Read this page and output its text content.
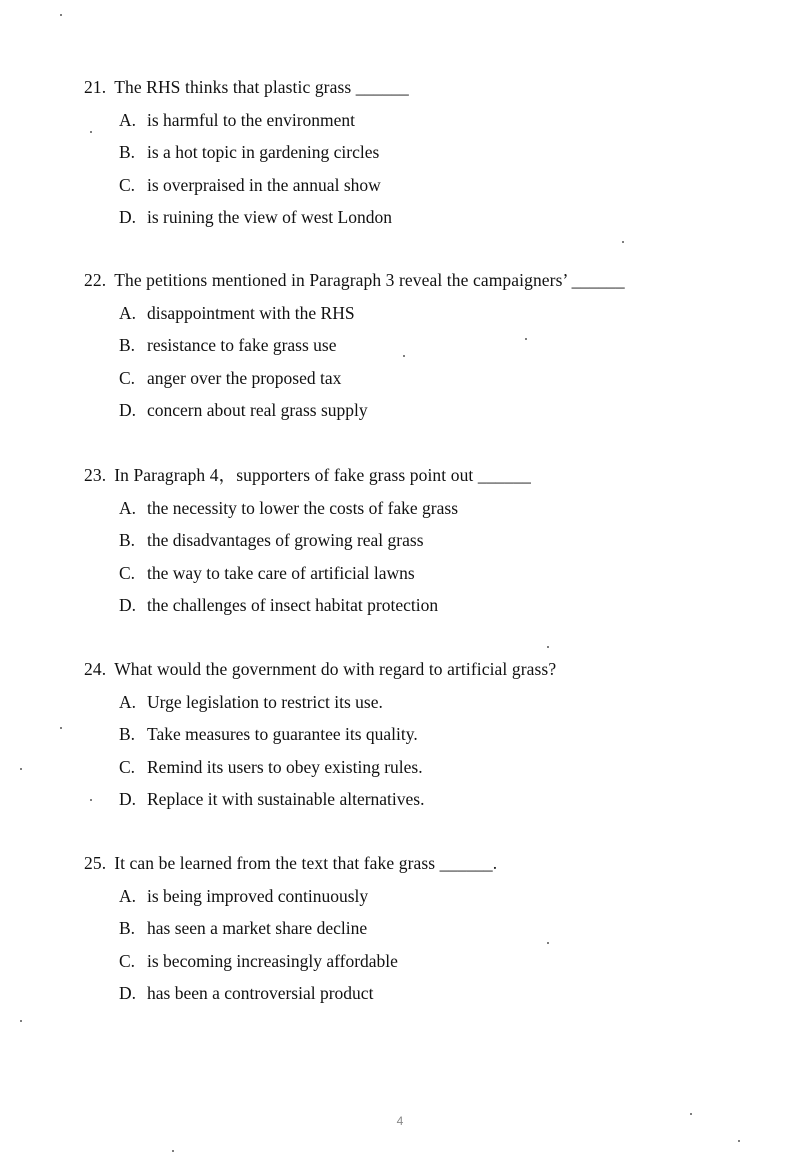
21. The RHS thinks that plastic grass ______
A. is harmful to the environment
B. is a hot topic in gardening circles
C. is overpraised in the annual show
D. is ruining the view of west London
22. The petitions mentioned in Paragraph 3 reveal the campaigners’ ______
A. disappointment with the RHS
B. resistance to fake grass use
C. anger over the proposed tax
D. concern about real grass supply
23. In Paragraph 4，supporters of fake grass point out ______
A. the necessity to lower the costs of fake grass
B. the disadvantages of growing real grass
C. the way to take care of artificial lawns
D. the challenges of insect habitat protection
24. What would the government do with regard to artificial grass?
A. Urge legislation to restrict its use.
B. Take measures to guarantee its quality.
C. Remind its users to obey existing rules.
D. Replace it with sustainable alternatives.
25. It can be learned from the text that fake grass ______.
A. is being improved continuously
B. has seen a market share decline
C. is becoming increasingly affordable
D. has been a controversial product
4
